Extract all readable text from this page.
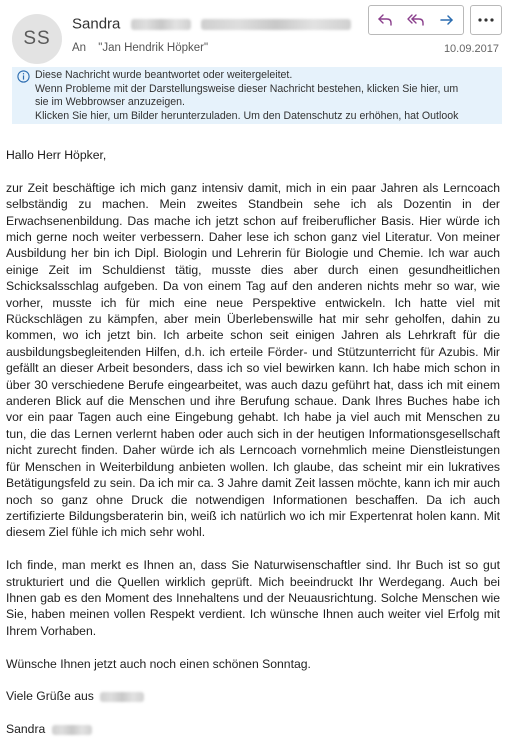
SS
Sandra
An "Jan Hendrik Höpker"	10.09.2017
Diese Nachricht wurde beantwortet oder weitergeleitet.
Wenn Probleme mit der Darstellungsweise dieser Nachricht bestehen, klicken Sie hier, um
sie im Webbrowser anzuzeigen.
Klicken Sie hier, um Bilder herunterzuladen. Um den Datenschutz zu erhöhen, hat Outlook

Hallo Herr Höpker,

zur Zeit beschäftige ich mich ganz intensiv damit, mich in ein paar Jahren als Lerncoach selbständig zu machen. Mein zweites Standbein sehe ich als Dozentin in der Erwachsenenbildung. Das mache ich jetzt schon auf freiberuflicher Basis. Hier würde ich mich gerne noch weiter verbessern. Daher lese ich schon ganz viel Literatur. Von meiner Ausbildung her bin ich Dipl. Biologin und Lehrerin für Biologie und Chemie. Ich war auch einige Zeit im Schuldienst tätig, musste dies aber durch einen gesundheitlichen Schicksalsschlag aufgeben. Da von einem Tag auf den anderen nichts mehr so war, wie vorher, musste ich für mich eine neue Perspektive entwickeln. Ich hatte viel mit Rückschlägen zu kämpfen, aber mein Überlebenswille hat mir sehr geholfen, dahin zu kommen, wo ich jetzt bin. Ich arbeite schon seit einigen Jahren als Lehrkraft für die ausbildungsbegleitenden Hilfen, d.h. ich erteile Förder- und Stützunterricht für Azubis. Mir gefällt an dieser Arbeit besonders, dass ich so viel bewirken kann. Ich habe mich schon in über 30 verschiedene Berufe eingearbeitet, was auch dazu geführt hat, dass ich mit einem anderen Blick auf die Menschen und ihre Berufung schaue. Dank Ihres Buches habe ich vor ein paar Tagen auch eine Eingebung gehabt. Ich habe ja viel auch mit Menschen zu tun, die das Lernen verlernt haben oder auch sich in der heutigen Informationsgesellschaft nicht zurecht finden. Daher würde ich als Lerncoach vornehmlich meine Dienstleistungen für Menschen in Weiterbildung anbieten wollen. Ich glaube, das scheint mir ein lukratives Betätigungsfeld zu sein. Da ich mir ca. 3 Jahre damit Zeit lassen möchte, kann ich mir auch noch so ganz ohne Druck die notwendigen Informationen beschaffen. Da ich auch zertifizierte Bildungsberaterin bin, weiß ich natürlich wo ich mir Expertenrat holen kann. Mit diesem Ziel fühle ich mich sehr wohl.

Ich finde, man merkt es Ihnen an, dass Sie Naturwisenschaftler sind. Ihr Buch ist so gut strukturiert und die Quellen wirklich geprüft. Mich beeindruckt Ihr Werdegang. Auch bei Ihnen gab es den Moment des Innehaltens und der Neuausrichtung. Solche Menschen wie Sie, haben meinen vollen Respekt verdient. Ich wünsche Ihnen auch weiter viel Erfolg mit Ihrem Vorhaben.

Wünsche Ihnen jetzt auch noch einen schönen Sonntag.

Viele Grüße aus

Sandra
